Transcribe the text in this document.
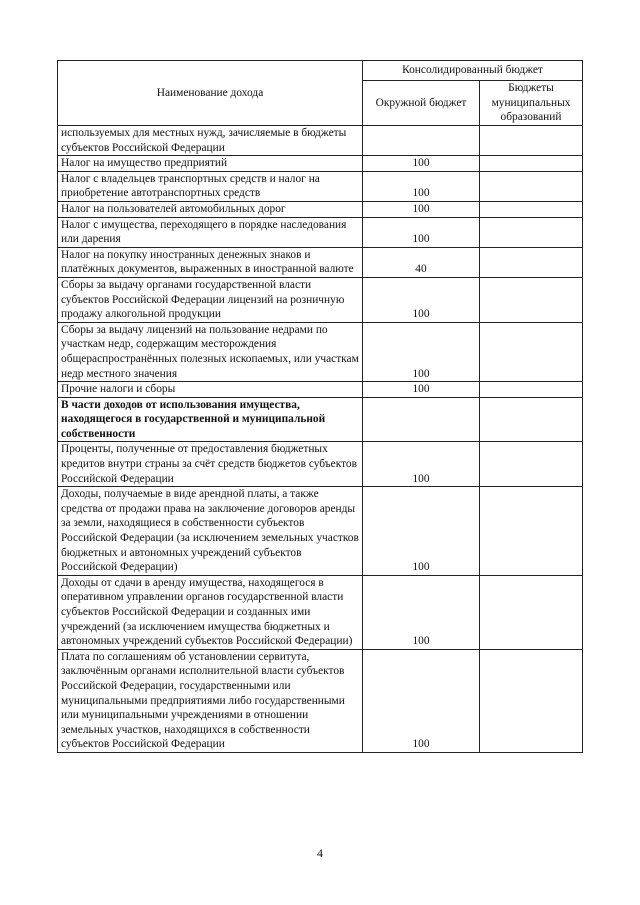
Наименование дохода	Консолидированный бюджет	
	Окружной бюджет	Бюджеты муниципальных образований
используемых для местных нужд, зачисляемые в бюджеты субъектов Российской Федерации		
Налог на имущество предприятий	100	
Налог с владельцев транспортных средств и налог на приобретение автотранспортных средств	100	
Налог на пользователей автомобильных дорог	100	
Налог с имущества, переходящего в порядке наследования или дарения	100	
Налог на покупку иностранных денежных знаков и платёжных документов, выраженных в иностранной валюте	40	
Сборы за выдачу органами государственной власти субъектов Российской Федерации лицензий на розничную продажу алкогольной продукции	100	
Сборы за выдачу лицензий на пользование недрами по участкам недр, содержащим месторождения общераспространённых полезных ископаемых, или участкам недр местного значения	100	
Прочие налоги и сборы	100	
В части доходов от использования имущества, находящегося в государственной и муниципальной собственности		
Проценты, полученные от предоставления бюджетных кредитов внутри страны за счёт средств бюджетов субъектов Российской Федерации	100	
Доходы, получаемые в виде арендной платы, а также средства от продажи права на заключение договоров аренды за земли, находящиеся в собственности субъектов Российской Федерации (за исключением земельных участков бюджетных и автономных учреждений субъектов Российской Федерации)	100	
Доходы от сдачи в аренду имущества, находящегося в оперативном управлении органов государственной власти субъектов Российской Федерации и созданных ими учреждений (за исключением имущества бюджетных и автономных учреждений субъектов Российской Федерации)	100	
Плата по соглашениям об установлении сервитута, заключённым органами исполнительной власти субъектов Российской Федерации, государственными или муниципальными предприятиями либо государственными или муниципальными учреждениями в отношении земельных участков, находящихся в собственности субъектов Российской Федерации	100	
4
